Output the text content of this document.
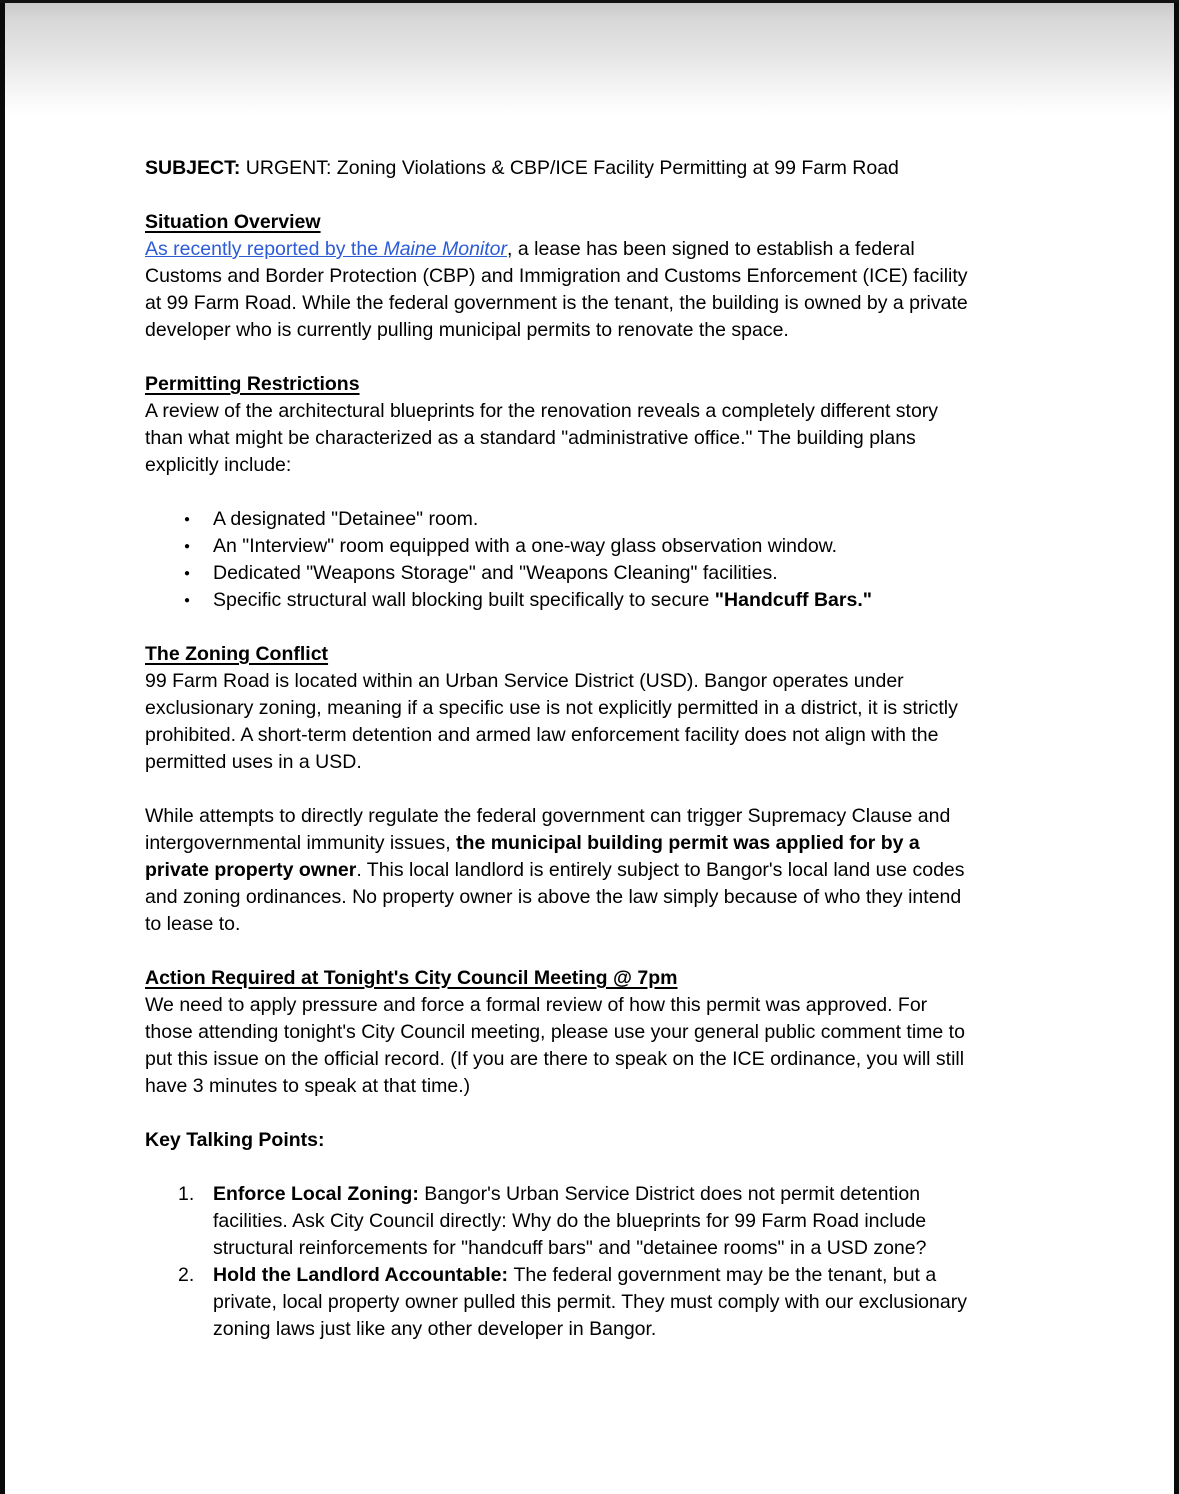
SUBJECT: URGENT: Zoning Violations & CBP/ICE Facility Permitting at 99 Farm Road
Situation Overview
As recently reported by the Maine Monitor, a lease has been signed to establish a federal
Customs and Border Protection (CBP) and Immigration and Customs Enforcement (ICE) facility
at 99 Farm Road. While the federal government is the tenant, the building is owned by a private
developer who is currently pulling municipal permits to renovate the space.
Permitting Restrictions
A review of the architectural blueprints for the renovation reveals a completely different story
than what might be characterized as a standard "administrative office." The building plans
explicitly include:
●	A designated "Detainee" room.
●	An "Interview" room equipped with a one-way glass observation window.
●	Dedicated "Weapons Storage" and "Weapons Cleaning" facilities.
●	Specific structural wall blocking built specifically to secure "Handcuff Bars."
The Zoning Conflict
99 Farm Road is located within an Urban Service District (USD). Bangor operates under
exclusionary zoning, meaning if a specific use is not explicitly permitted in a district, it is strictly
prohibited. A short-term detention and armed law enforcement facility does not align with the
permitted uses in a USD.
While attempts to directly regulate the federal government can trigger Supremacy Clause and
intergovernmental immunity issues, the municipal building permit was applied for by a
private property owner. This local landlord is entirely subject to Bangor's local land use codes
and zoning ordinances. No property owner is above the law simply because of who they intend
to lease to.
Action Required at Tonight's City Council Meeting @ 7pm
We need to apply pressure and force a formal review of how this permit was approved. For
those attending tonight's City Council meeting, please use your general public comment time to
put this issue on the official record. (If you are there to speak on the ICE ordinance, you will still
have 3 minutes to speak at that time.)
Key Talking Points:
1. Enforce Local Zoning: Bangor's Urban Service District does not permit detention
facilities. Ask City Council directly: Why do the blueprints for 99 Farm Road include
structural reinforcements for "handcuff bars" and "detainee rooms" in a USD zone?
2. Hold the Landlord Accountable: The federal government may be the tenant, but a
private, local property owner pulled this permit. They must comply with our exclusionary
zoning laws just like any other developer in Bangor.
